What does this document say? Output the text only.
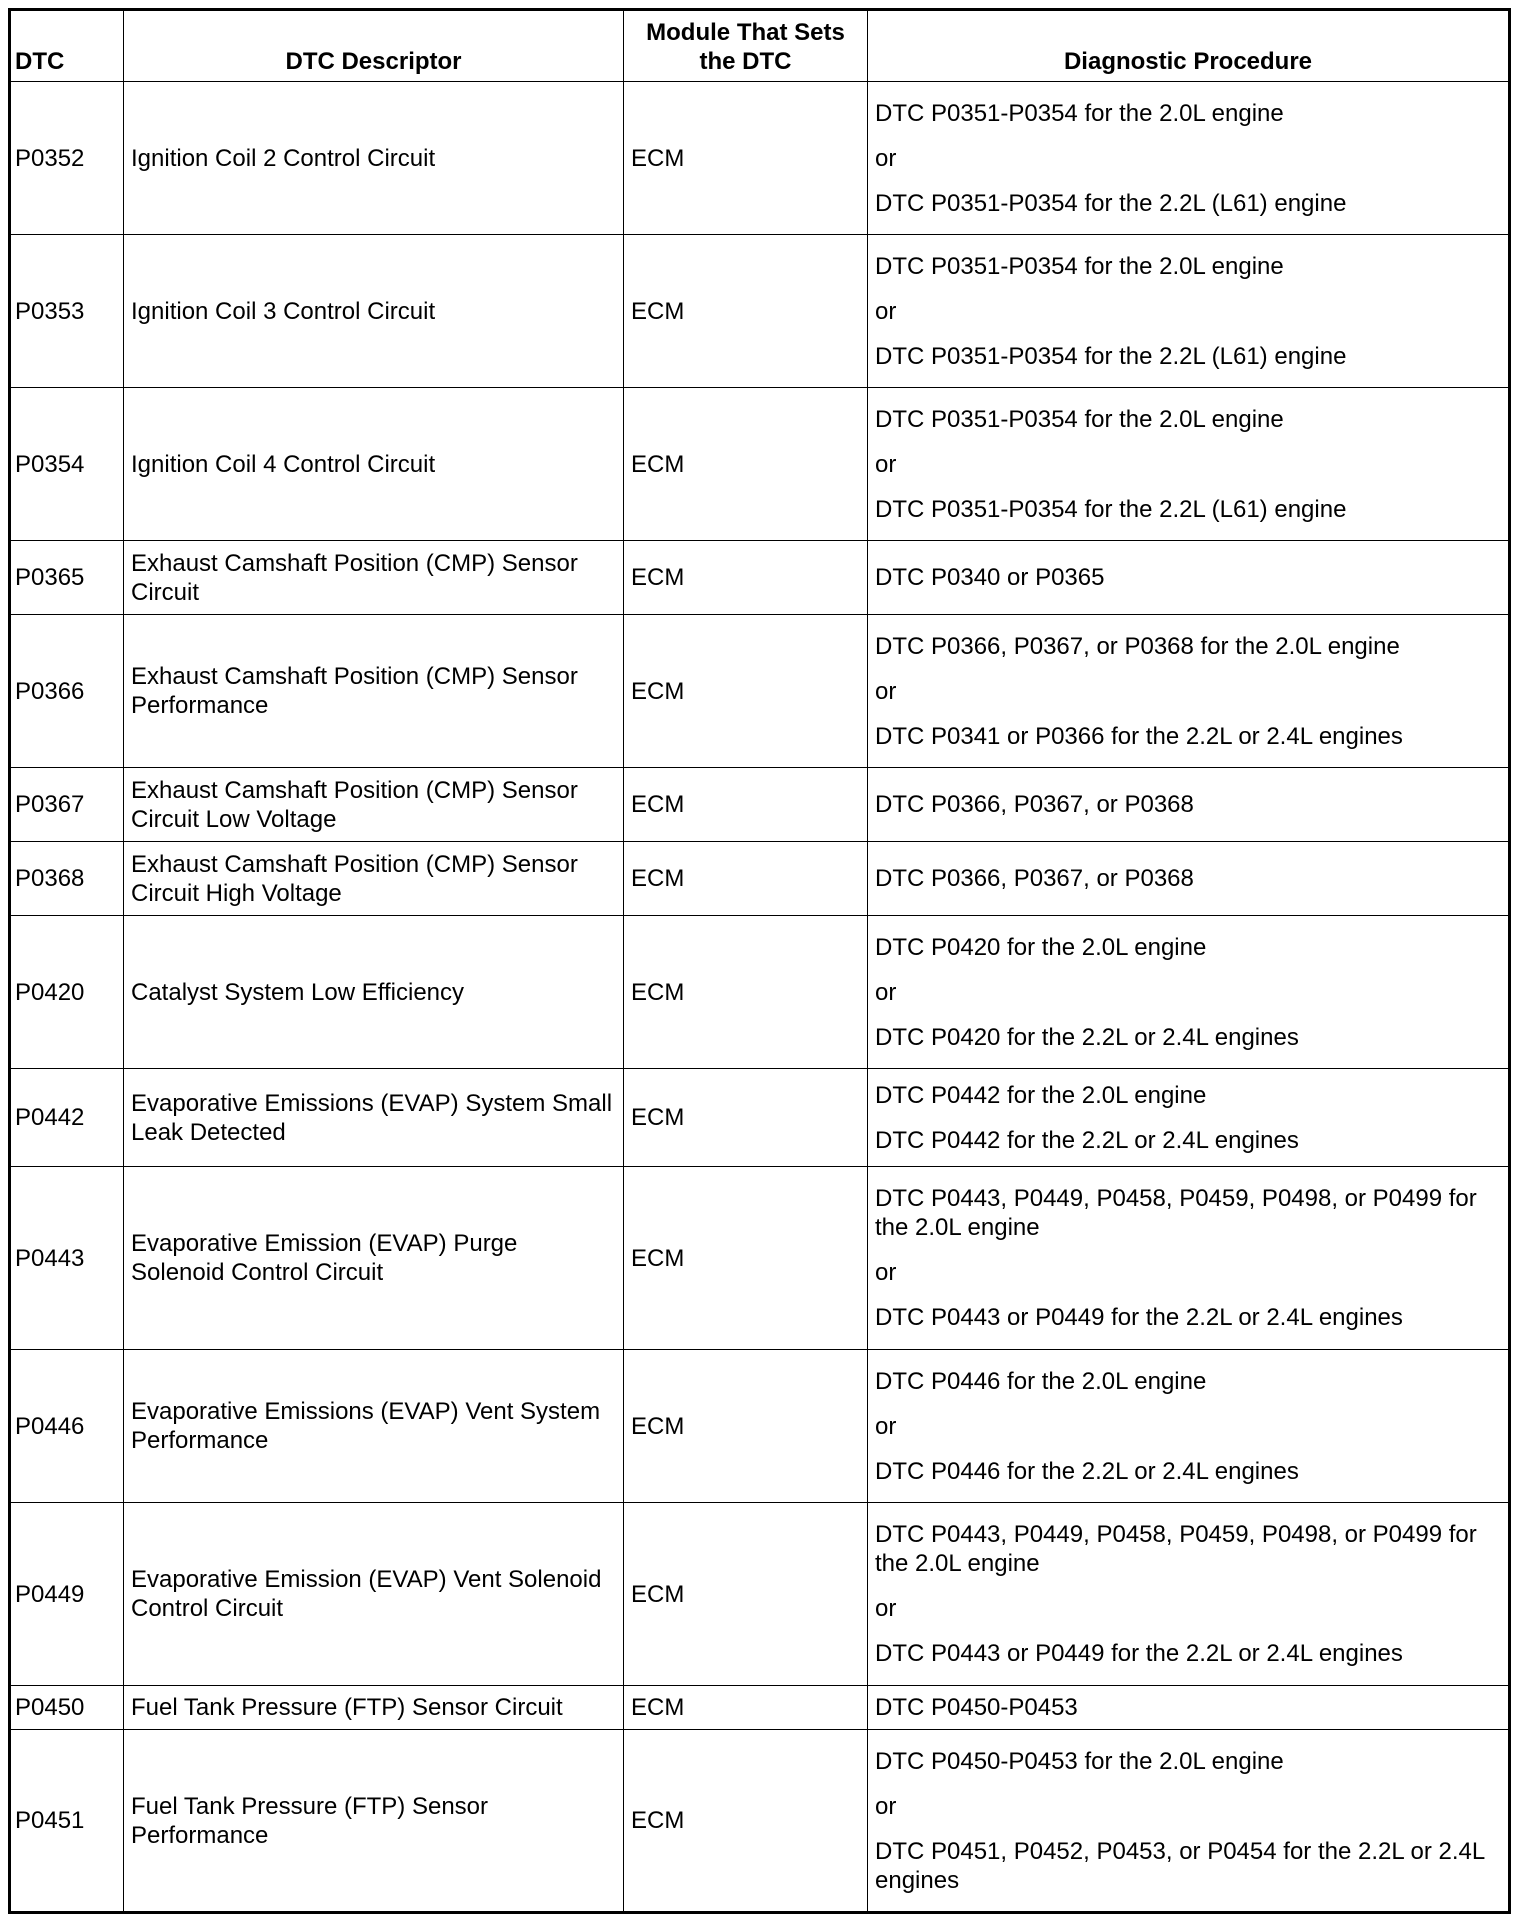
DTC	DTC Descriptor	Module That Sets the DTC	Diagnostic Procedure
P0352	Ignition Coil 2 Control Circuit	ECM	DTC P0351-P0354 for the 2.0L engine
or
DTC P0351-P0354 for the 2.2L (L61) engine

P0353	Ignition Coil 3 Control Circuit	ECM	DTC P0351-P0354 for the 2.0L engine
or
DTC P0351-P0354 for the 2.2L (L61) engine

P0354	Ignition Coil 4 Control Circuit	ECM	DTC P0351-P0354 for the 2.0L engine
or
DTC P0351-P0354 for the 2.2L (L61) engine

P0365	Exhaust Camshaft Position (CMP) Sensor Circuit	ECM	DTC P0340 or P0365

P0366	Exhaust Camshaft Position (CMP) Sensor Performance	ECM	DTC P0366, P0367, or P0368 for the 2.0L engine
or
DTC P0341 or P0366 for the 2.2L or 2.4L engines

P0367	Exhaust Camshaft Position (CMP) Sensor Circuit Low Voltage	ECM	DTC P0366, P0367, or P0368

P0368	Exhaust Camshaft Position (CMP) Sensor Circuit High Voltage	ECM	DTC P0366, P0367, or P0368

P0420	Catalyst System Low Efficiency	ECM	DTC P0420 for the 2.0L engine
or
DTC P0420 for the 2.2L or 2.4L engines

P0442	Evaporative Emissions (EVAP) System Small Leak Detected	ECM	DTC P0442 for the 2.0L engine
DTC P0442 for the 2.2L or 2.4L engines

P0443	Evaporative Emission (EVAP) Purge Solenoid Control Circuit	ECM	DTC P0443, P0449, P0458, P0459, P0498, or P0499 for the 2.0L engine
or
DTC P0443 or P0449 for the 2.2L or 2.4L engines

P0446	Evaporative Emissions (EVAP) Vent System Performance	ECM	DTC P0446 for the 2.0L engine
or
DTC P0446 for the 2.2L or 2.4L engines

P0449	Evaporative Emission (EVAP) Vent Solenoid Control Circuit	ECM	DTC P0443, P0449, P0458, P0459, P0498, or P0499 for the 2.0L engine
or
DTC P0443 or P0449 for the 2.2L or 2.4L engines

P0450	Fuel Tank Pressure (FTP) Sensor Circuit	ECM	DTC P0450-P0453

P0451	Fuel Tank Pressure (FTP) Sensor Performance	ECM	DTC P0450-P0453 for the 2.0L engine
or
DTC P0451, P0452, P0453, or P0454 for the 2.2L or 2.4L engines
